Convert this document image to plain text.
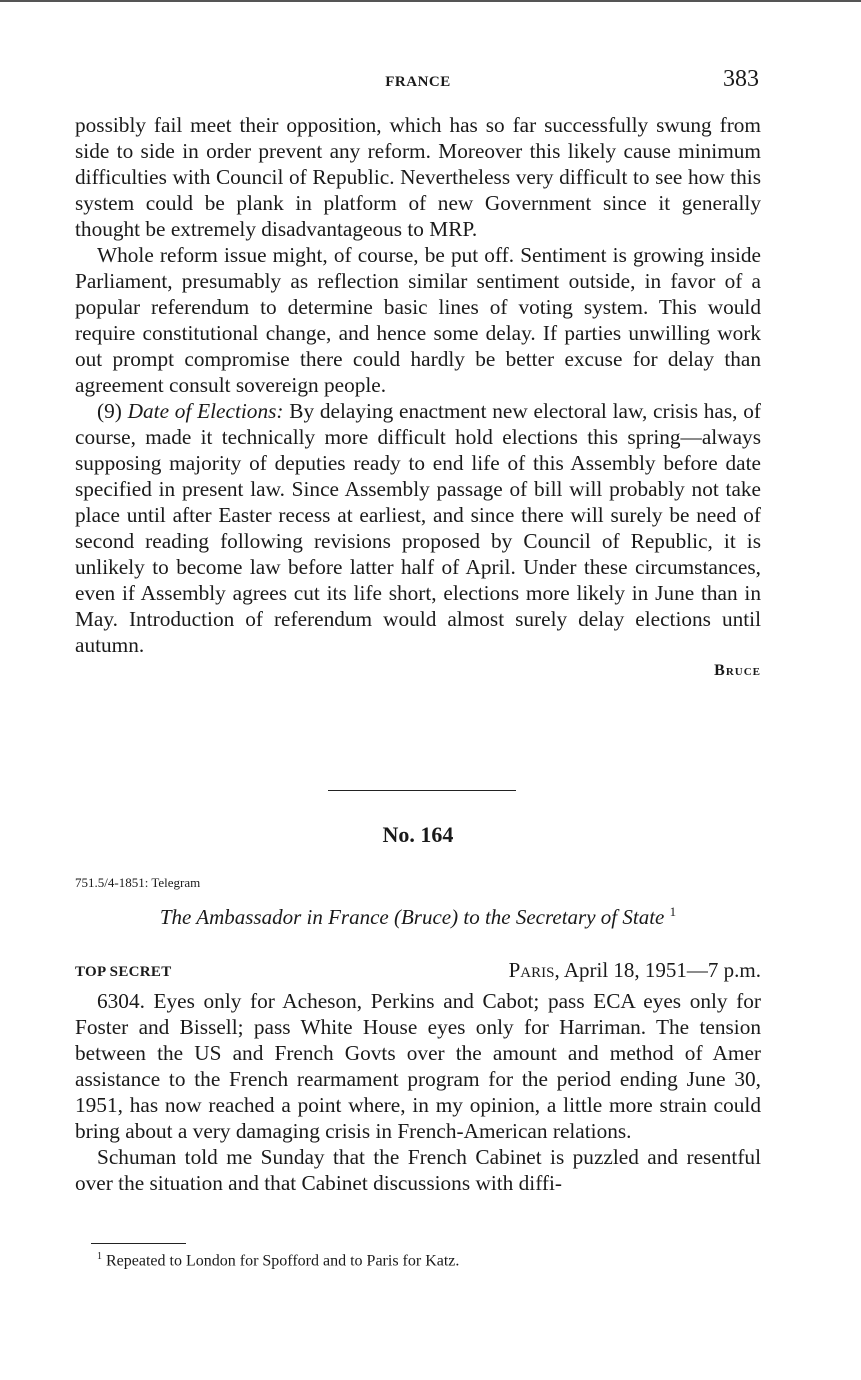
FRANCE	383

possibly fail meet their opposition, which has so far successfully swung from side to side in order prevent any reform. Moreover this likely cause minimum difficulties with Council of Republic. Nevertheless very difficult to see how this system could be plank in platform of new Government since it generally thought be extremely disadvantageous to MRP.

Whole reform issue might, of course, be put off. Sentiment is growing inside Parliament, presumably as reflection similar sentiment outside, in favor of a popular referendum to determine basic lines of voting system. This would require constitutional change, and hence some delay. If parties unwilling work out prompt compromise there could hardly be better excuse for delay than agreement consult sovereign people.

(9) Date of Elections: By delaying enactment new electoral law, crisis has, of course, made it technically more difficult hold elections this spring—always supposing majority of deputies ready to end life of this Assembly before date specified in present law. Since Assembly passage of bill will probably not take place until after Easter recess at earliest, and since there will surely be need of second reading following revisions proposed by Council of Republic, it is unlikely to become law before latter half of April. Under these circumstances, even if Assembly agrees cut its life short, elections more likely in June than in May. Introduction of referendum would almost surely delay elections until autumn.

Bruce
No. 164
751.5/4-1851: Telegram
The Ambassador in France (Bruce) to the Secretary of State $^1$
TOP SECRET	Paris, April 18, 1951—7 p.m.

6304. Eyes only for Acheson, Perkins and Cabot; pass ECA eyes only for Foster and Bissell; pass White House eyes only for Harriman. The tension between the US and French Govts over the amount and method of Amer assistance to the French rearmament program for the period ending June 30, 1951, has now reached a point where, in my opinion, a little more strain could bring about a very damaging crisis in French-American relations.

Schuman told me Sunday that the French Cabinet is puzzled and resentful over the situation and that Cabinet discussions with diffi-

$^1$ Repeated to London for Spofford and to Paris for Katz.
